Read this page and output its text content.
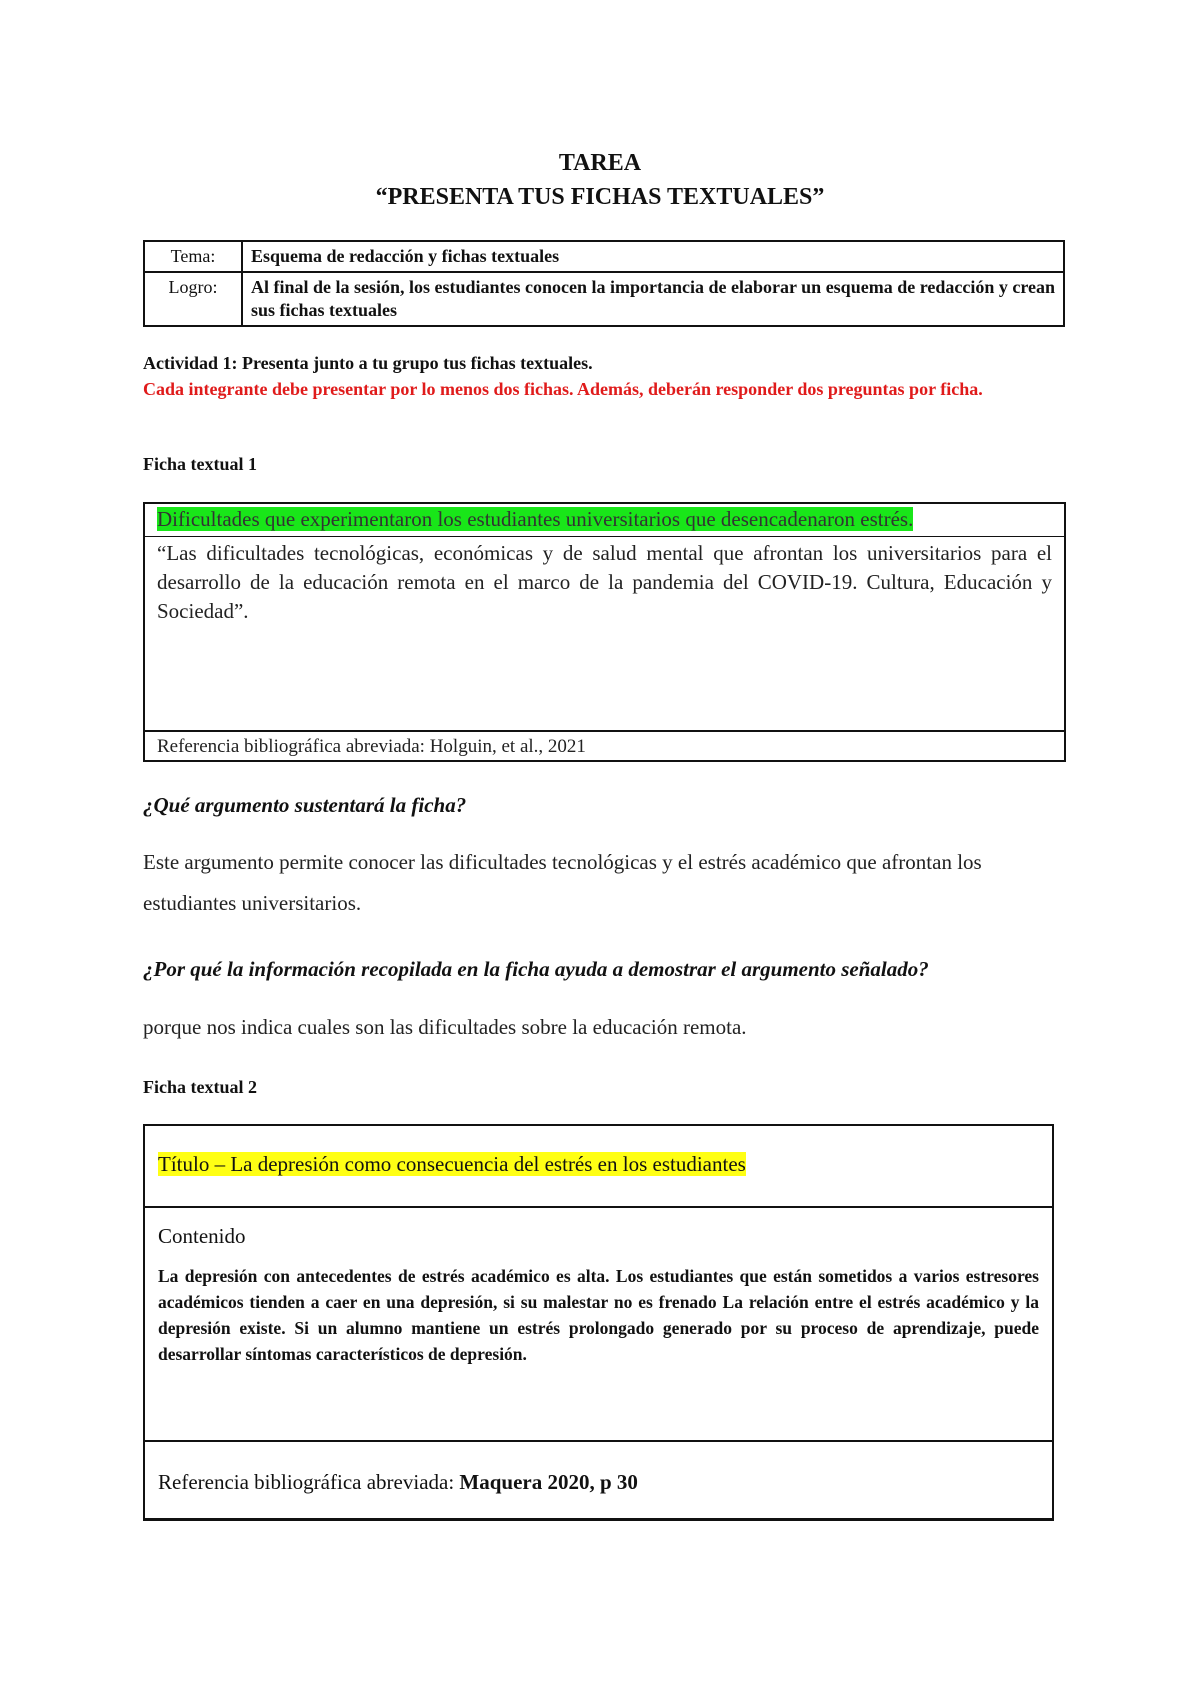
TAREA
“PRESENTA TUS FICHAS TEXTUALES”
Tema:	Esquema de redacción y fichas textuales
Logro:	Al final de la sesión, los estudiantes conocen la importancia de elaborar un esquema de redacción y crean sus fichas textuales
Actividad 1: Presenta junto a tu grupo tus fichas textuales.
Cada integrante debe presentar por lo menos dos fichas. Además, deberán responder dos preguntas por ficha.
Ficha textual 1
Dificultades que experimentaron los estudiantes universitarios que desencadenaron estrés.
“Las dificultades tecnológicas, económicas y de salud mental que afrontan los universitarios para el desarrollo de la educación remota en el marco de la pandemia del COVID-19. Cultura, Educación y Sociedad”.
Referencia bibliográfica abreviada: Holguin, et al., 2021
¿Qué argumento sustentará la ficha?
Este argumento permite conocer las dificultades tecnológicas y el estrés académico que afrontan los estudiantes universitarios.
¿Por qué la información recopilada en la ficha ayuda a demostrar el argumento señalado?
porque nos indica cuales son las dificultades sobre la educación remota.
Ficha textual 2
Título – La depresión como consecuencia del estrés en los estudiantes
Contenido
La depresión con antecedentes de estrés académico es alta. Los estudiantes que están sometidos a varios estresores académicos tienden a caer en una depresión, si su malestar no es frenado La relación entre el estrés académico y la depresión existe. Si un alumno mantiene un estrés prolongado generado por su proceso de aprendizaje, puede desarrollar síntomas característicos de depresión.
Referencia bibliográfica abreviada: Maquera 2020, p 30
